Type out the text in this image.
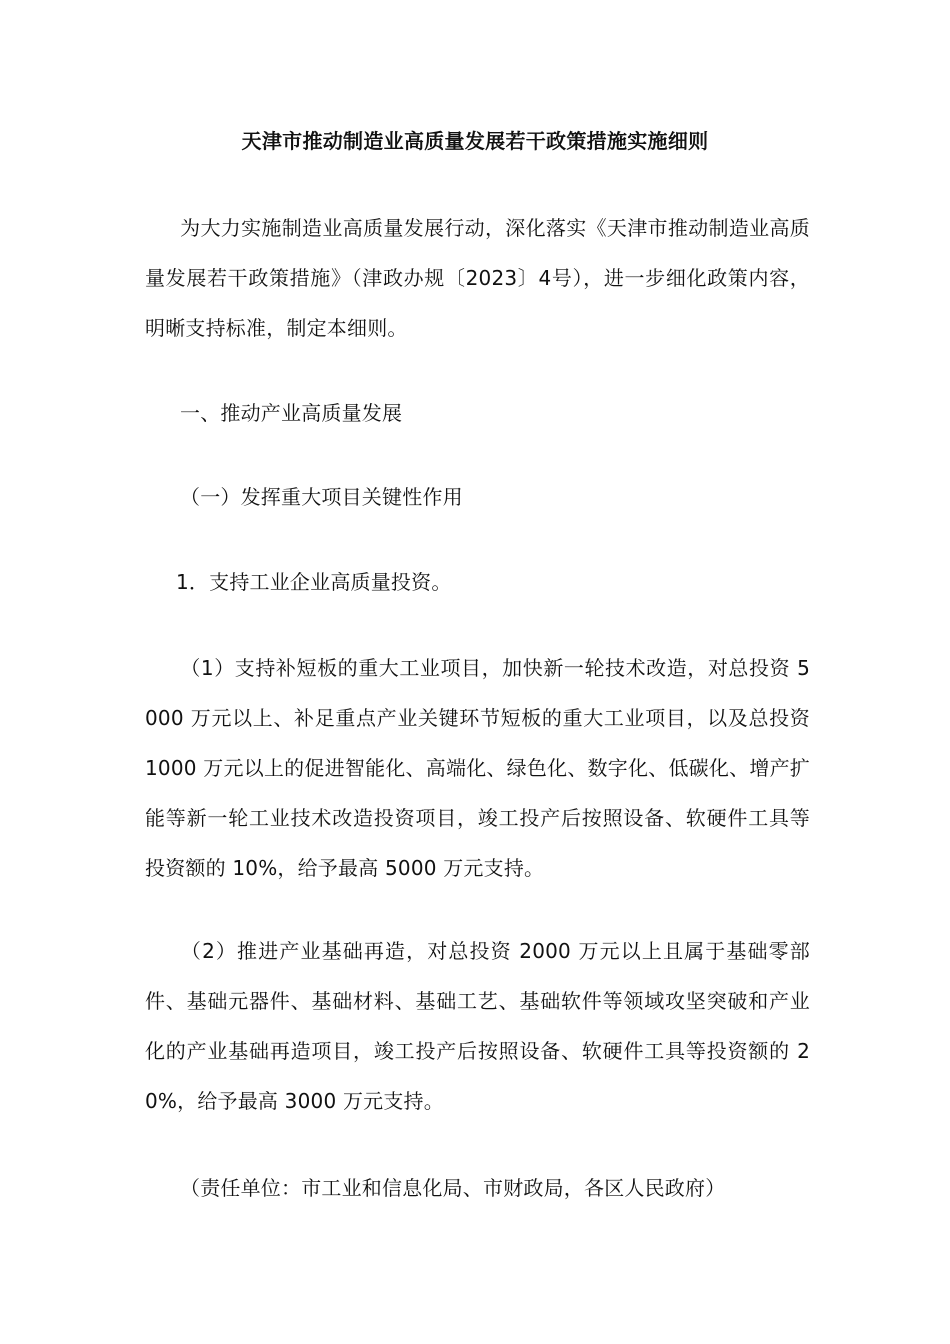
天津市推动制造业高质量发展若干政策措施实施细则
为大力实施制造业高质量发展行动，深化落实《天津市推动制造业高质量发展若干政策措施》（津政办规〔2023〕4号），进一步细化政策内容，明晰支持标准，制定本细则。
一、推动产业高质量发展
（一）发挥重大项目关键性作用
1．支持工业企业高质量投资。
（1）支持补短板的重大工业项目，加快新一轮技术改造，对总投资 5000 万元以上、补足重点产业关键环节短板的重大工业项目，以及总投资 1000 万元以上的促进智能化、高端化、绿色化、数字化、低碳化、增产扩能等新一轮工业技术改造投资项目，竣工投产后按照设备、软硬件工具等投资额的 10%，给予最高 5000 万元支持。
（2）推进产业基础再造，对总投资 2000 万元以上且属于基础零部件、基础元器件、基础材料、基础工艺、基础软件等领域攻坚突破和产业化的产业基础再造项目，竣工投产后按照设备、软硬件工具等投资额的 20%，给予最高 3000 万元支持。
（责任单位：市工业和信息化局、市财政局，各区人民政府）
